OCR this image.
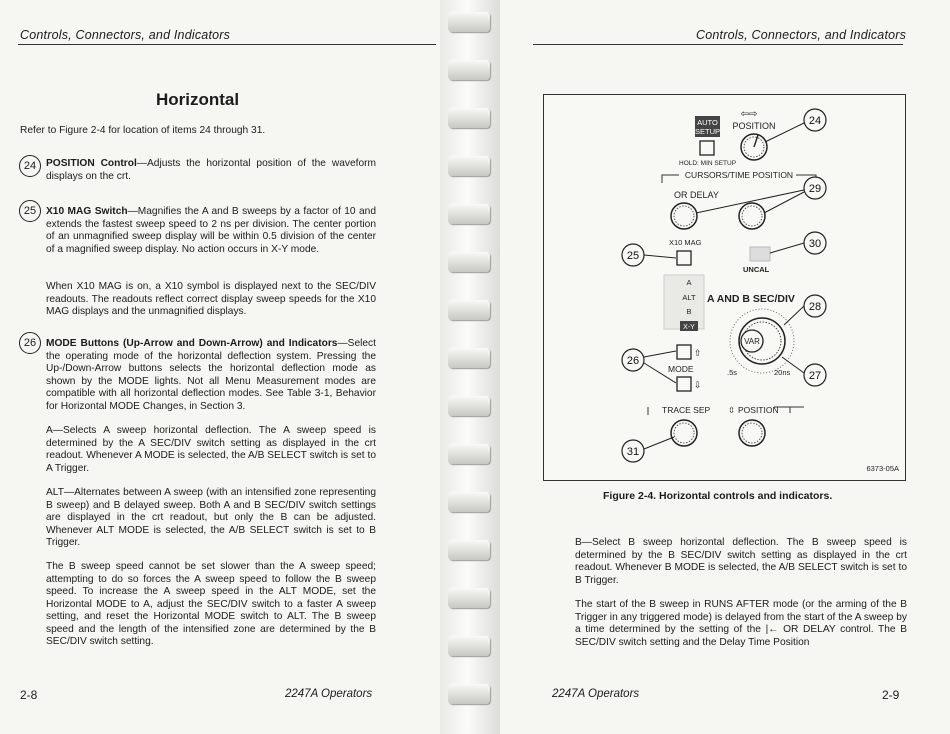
Controls, Connectors, and Indicators
Horizontal

Refer to Figure 2-4 for location of items 24 through 31.

24 POSITION Control—Adjusts the horizontal position of the waveform displays on the crt.

25 X10 MAG Switch—Magnifies the A and B sweeps by a factor of 10 and extends the fastest sweep speed to 2 ns per division. The center portion of an unmagnified sweep display will be within 0.5 division of the center of a magnified sweep display. No action occurs in X-Y mode.

When X10 MAG is on, a X10 symbol is displayed next to the SEC/DIV readouts. The readouts reflect correct display sweep speeds for the X10 MAG displays and the unmagnified displays.

26 MODE Buttons (Up-Arrow and Down-Arrow) and Indicators—Select the operating mode of the horizontal deflection system. Pressing the Up-/Down-Arrow buttons selects the horizontal deflection mode as shown by the MODE lights. Not all Menu Measurement modes are compatible with all horizontal deflection modes. See Table 3-1, Behavior for Horizontal MODE Changes, in Section 3.

A—Selects A sweep horizontal deflection. The A sweep speed is determined by the A SEC/DIV switch setting as displayed in the crt readout. Whenever A MODE is selected, the A/B SELECT switch is set to A Trigger.

ALT—Alternates between A sweep (with an intensified zone representing B sweep) and B delayed sweep. Both A and B SEC/DIV switch settings are displayed in the crt readout, but only the B can be adjusted. Whenever ALT MODE is selected, the A/B SELECT switch is set to B Trigger.

The B sweep speed cannot be set slower than the A sweep speed; attempting to do so forces the A sweep speed to follow the B sweep speed. To increase the A sweep speed in the ALT MODE, set the Horizontal MODE to A, adjust the SEC/DIV switch to a faster A sweep setting, and reset the Horizontal MODE switch to ALT. The B sweep speed and the length of the intensified zone are determined by the B SEC/DIV switch setting.

2-8	2247A Operators
Controls, Connectors, and Indicators
AUTO
SETUP
HOLD: MIN SETUP
⇦⇨
POSITION
CURSORS/TIME POSITION
OR DELAY
X10 MAG
UNCAL
A
ALT
B
X-Y
A AND B SEC/DIV
VAR
.5s	20ns
⇧
MODE
⇩
TRACE SEP ⇳ POSITION
24
29
30
28
27
25
26
31
6373-05A
Figure 2-4. Horizontal controls and indicators.

B—Select B sweep horizontal deflection. The B sweep speed is determined by the B SEC/DIV switch setting as displayed in the crt readout. Whenever B MODE is selected, the A/B SELECT switch is set to B Trigger.

The start of the B sweep in RUNS AFTER mode (or the arming of the B Trigger in any triggered mode) is delayed from the start of the A sweep by a time determined by the setting of the |← OR DELAY control. The B SEC/DIV switch setting and the Delay Time Position

2247A Operators	2-9
